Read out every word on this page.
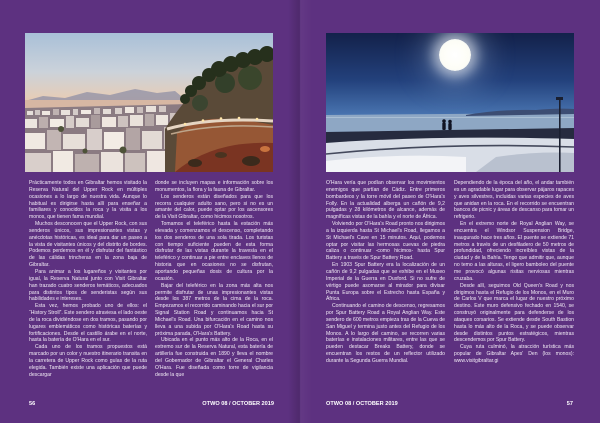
Prácticamente todos en Gibraltar hemos visitado la Reserva Natural del Upper Rock en múltiples ocasiones a lo largo de nuestra vida. Aunque lo habitual es dirigirse hasta allí para enseñar a familiares y conocidos la roca y la visita a los monos, que tienen fama mundial.

Muchos desconocen que el Upper Rock, con sus senderos únicos, sus impresionantes vistas y anécdotas históricas, es ideal para dar un paseo a la vista de visitantes únicos y del distrito de bordes. Podemos perdernos en él y disfrutar del fantástico de las cálidas trincheras en la zona baja de Gibraltar.

Para animar a los lugareños y visitantes por igual, la Reserva Natural junto con Visit Gibraltar han trazado cuatro senderos temáticos, adecuados para distintos tipos de senderistas según sus habilidades e intereses.

Esta vez, hemos probado uno de ellos: el “History Stroll”. Este sendero atraviesa el lado oeste de la roca dividiéndose en dos tramos, pasando por lugares emblemáticos como históricas baterías y fortificaciones. Desde el castillo árabe en el norte, hasta la batería de O'Hara en el sur.

Cada uno de los tramos propuestos está marcado por un color y nuestro itinerario transita en la carretera de Upper Rock como guías de la ruta elegida. También existe una aplicación que puede descargar

donde se incluyen mapas e información sobre los monumentos, la flora y la fauna de Gibraltar.

Los senderos están diseñados para que los recorra cualquier adulto sano, pero si no es un amante del calor, puede optar por los ascensores de la Visit Gibraltar, como hicimos nosotros.

Tomamos el teleférico hasta la estación más elevada y comenzamos el descenso, completando los dos senderos de una sola tirada. Los turistas con tiempo suficiente pueden de esta forma disfrutar de las vistas durante la travesía en el teleférico y continuar a pie entre enclaves llenos de historia que en ocasiones no se disfrutan, aportando pequeñas dosis de cultura por la ocasión.

Bajar del teleférico en la zona más alta nos permite disfrutar de unas impresionantes vistas desde los 387 metros de la cima de la roca. Empezamos el recorrido caminando hacia el sur por Signal Station Road y continuamos hacia St Michael's Road. Una bifurcación en el camino nos lleva a una subida por O'Hara's Road hasta su próxima parada, O'Hara's Battery.

Ubicada en el punto más alto de la Roca, en el extremo sur de la Reserva Natural, esta batería de artillería fue construida en 1890 y lleva el nombre del Gobernador de Gibraltar el General Charles O'Hara. Fue diseñada como torre de vigilancia desde la que

56	OTWO 08 / OCTOBER 2019

O'Hara vería que podían observar los movimientos enemigos que partían de Cádiz. Entre primeros bombardeos y la torre móvil del paseo de O'Hara's Folly. En la actualidad alberga un cañón de 9,2 pulgadas y 28 kilómetros de alcance, además de magníficas vistas de la bahía y el norte de África.

Volviendo por O'Hara's Road pronto nos dirigimos a la izquierda hasta St Michael's Road, llegamos a St Michael's Cave en 15 minutos. Aquí, podemos optar por visitar las hermosas cuevas de piedra caliza o continuar -como hicimos- hasta Spur Battery a través de Spur Battery Road.

En 1903 Spur Battery era la localización de un cañón de 9,2 pulgadas que se exhibe en el Museo Imperial de la Guerra en Duxford. Si no sufre de vértigo puede asomarse al mirador para divisar Punta Europa sobre el Estrecho hasta España y África.

Continuando el camino de descenso, regresamos por Spur Battery Road a Royal Anglian Way. Este sendero de 600 metros empieza tras de la Cueva de San Miguel y termina justo antes del Refugio de los Monos. A lo largo del camino, se recorren varias baterías e instalaciones militares, entre las que se pueden destacar Breaks Battery, donde se encuentran los restos de un reflector utilizado durante la Segunda Guerra Mundial.

Dependiendo de la época del año, el andar también es un agradable lugar para observar pájaros rapaces y aves silvestres, incluidas varias especies de aves que anidan en la roca. En el recorrido se encuentran bancos de picnic y áreas de descanso para tomar un refrigerio.

En el extremo norte de Royal Anglian Way, se encuentra el Windsor Suspension Bridge, inaugurado hace tres años. El puente se extiende 71 metros a través de un desfiladero de 50 metros de profundidad, ofreciendo increíbles vistas de la ciudad y de la Bahía. Tengo que admitir que, aunque no temo a las alturas, el ligero bamboleo del puente me provocó algunas risitas nerviosas mientras cruzaba.

Desde allí, seguimos Old Queen's Road y nos dirigimos hasta el Refugio de los Monos, en el Muro de Carlos V que marca el lugar de nuestro próximo destino. Este muro defensivo fechado en 1540, se construyó originalmente para defenderse de los ataques corsarios. Se extiende desde South Bastion hasta lo más alto de la Roca, y se puede observar desde distintos puntos estratégicos, mientras descendemos por Spur Battery.

Cuya ruta culminó, la atracción turística más popular de Gibraltar Apes' Den (los monos): www.visitgibraltar.gi

OTWO 08 / OCTOBER 2019	57
